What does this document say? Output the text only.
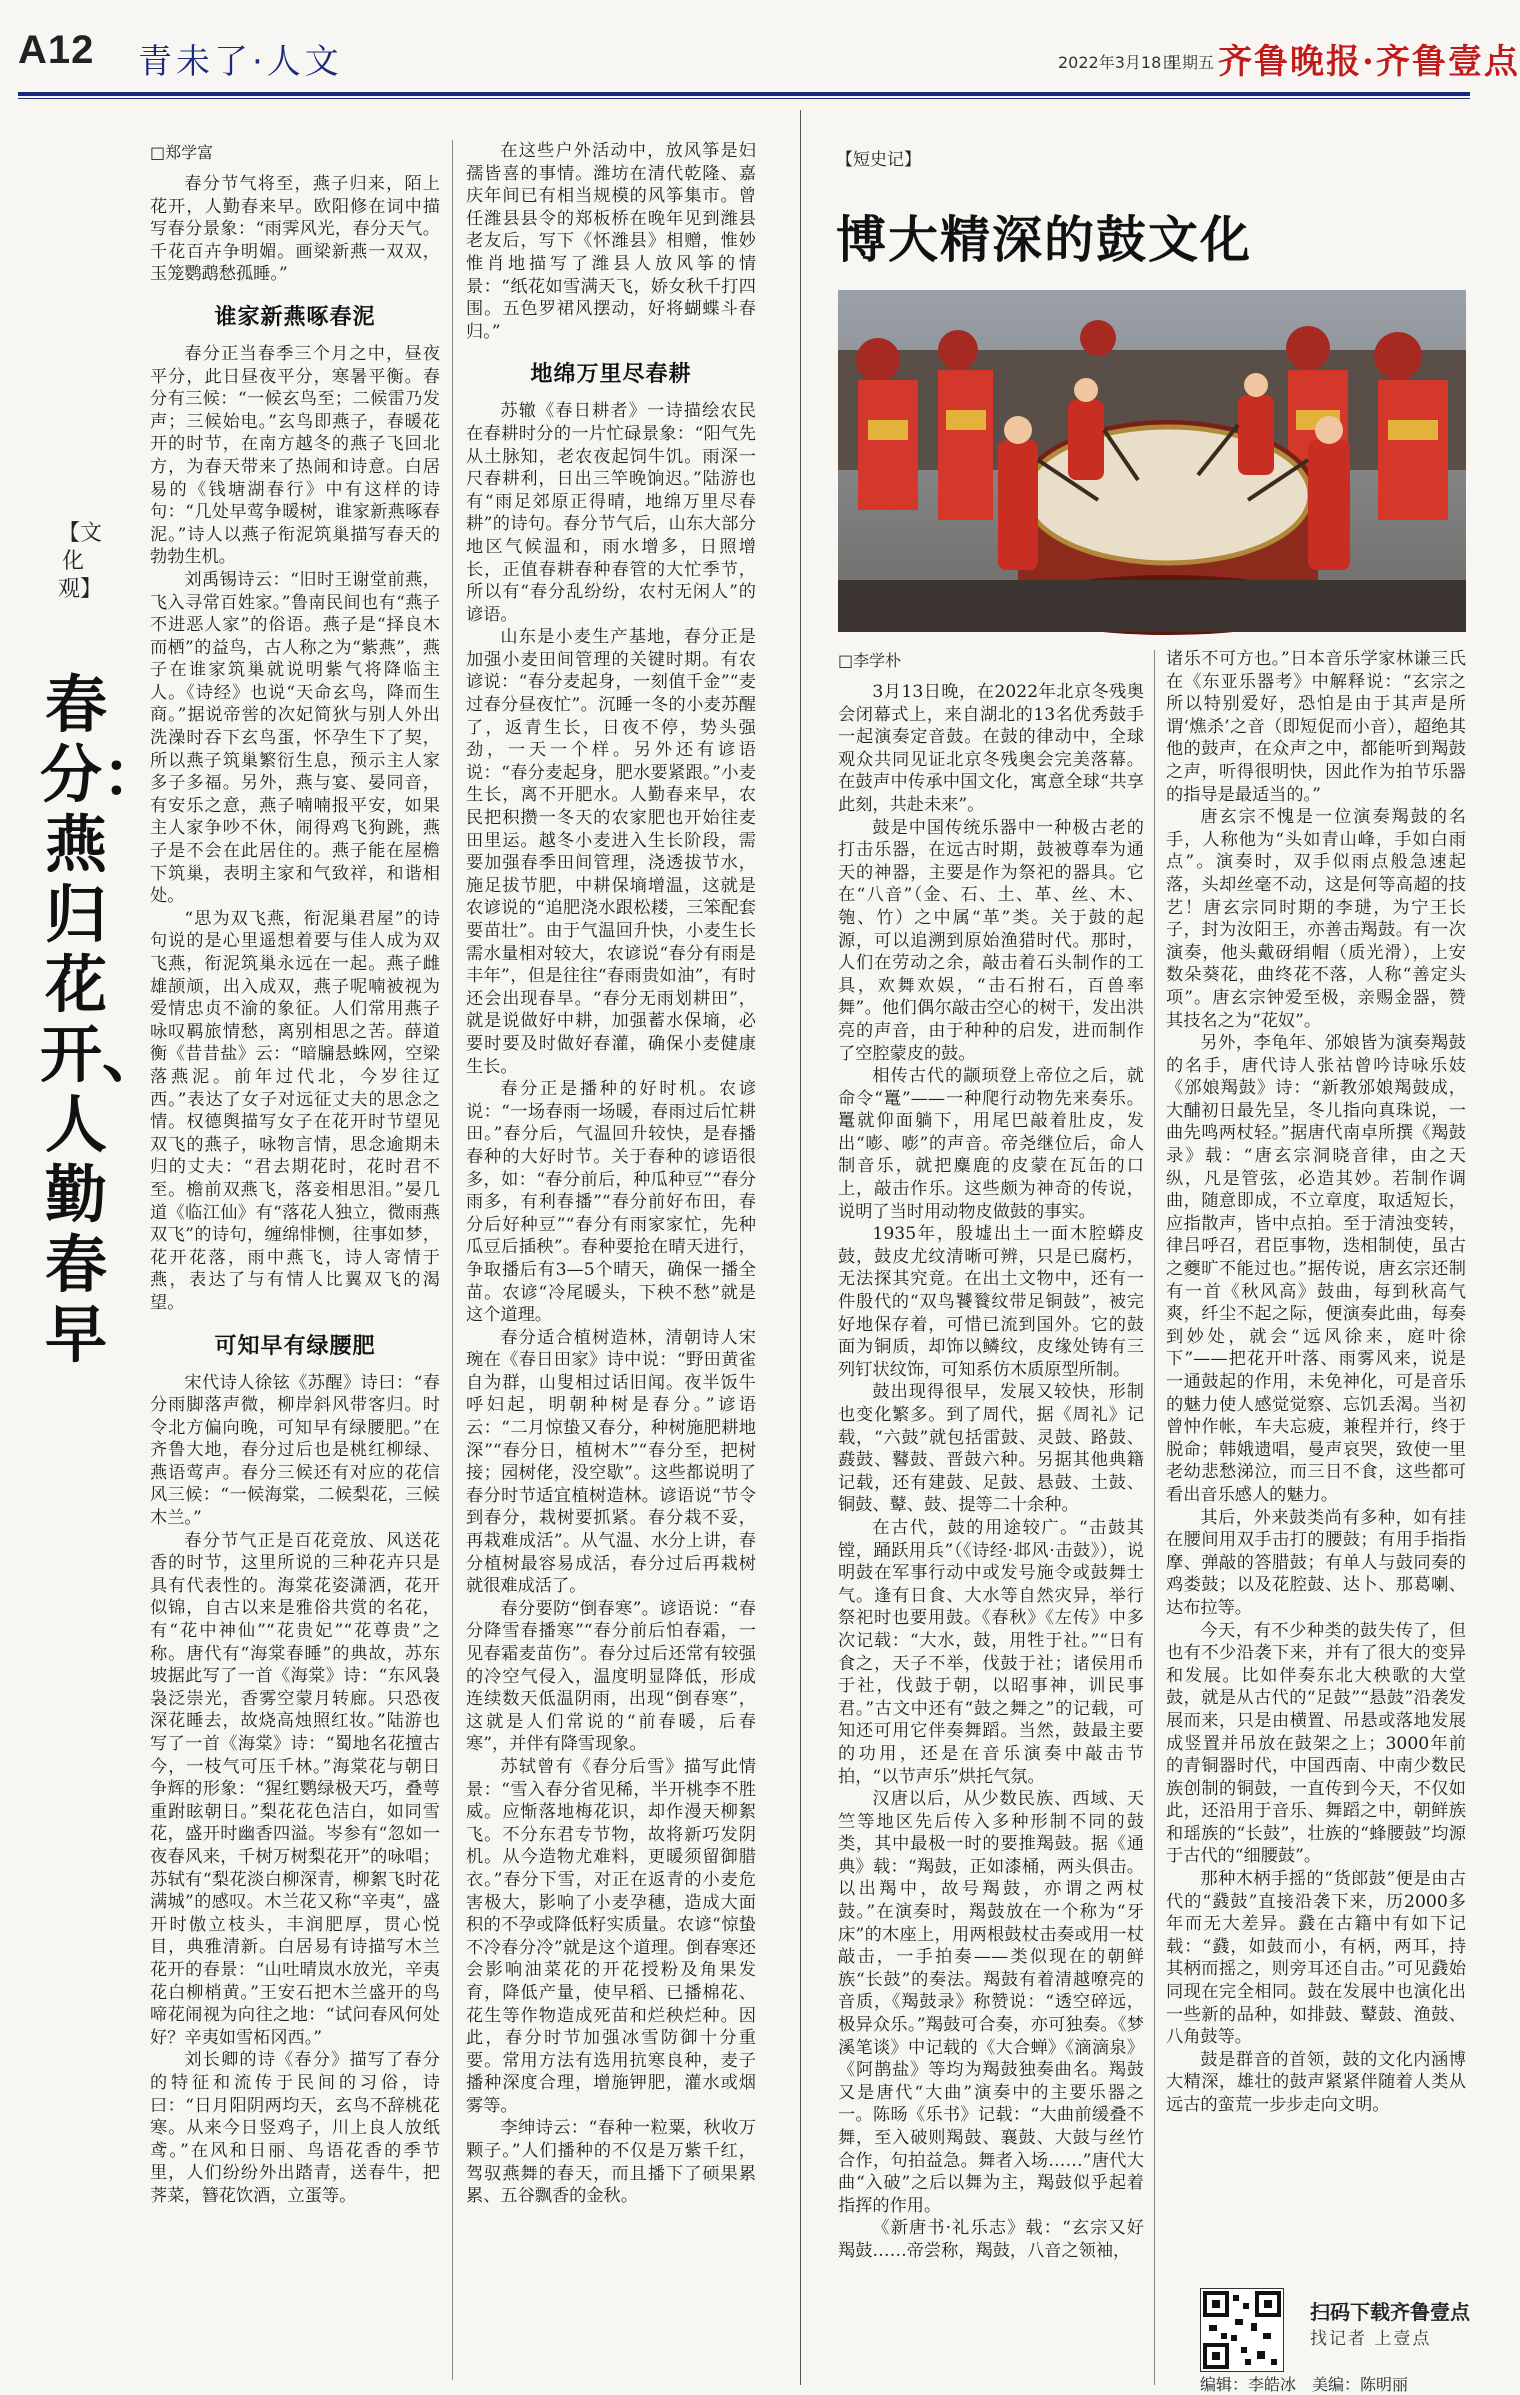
A12 青未了·人文	2022年3月18日
星期五 齐鲁晚报·齐鲁壹点
【文化观】
春分：燕归花开、人勤春早

□郑学富

春分节气将至，燕子归来，陌上花开，人勤春来早。欧阳修在词中描写春分景象：“雨霁风光，春分天气。千花百卉争明媚。画梁新燕一双双，玉笼鹦鹉愁孤睡。”

谁家新燕啄春泥

春分正当春季三个月之中，昼夜平分，此日昼夜平分，寒暑平衡。春分有三候：“一候玄鸟至；二候雷乃发声；三候始电。”玄鸟即燕子，春暖花开的时节，在南方越冬的燕子飞回北方，为春天带来了热闹和诗意。白居易的《钱塘湖春行》中有这样的诗句：“几处早莺争暖树，谁家新燕啄春泥。”诗人以燕子衔泥筑巢描写春天的勃勃生机。

刘禹锡诗云：“旧时王谢堂前燕，飞入寻常百姓家。”鲁南民间也有“燕子不进恶人家”的俗语。燕子是“择良木而栖”的益鸟，古人称之为“紫燕”，燕子在谁家筑巢就说明紫气将降临主人。《诗经》也说“天命玄鸟，降而生商。”据说帝喾的次妃简狄与别人外出洗澡时吞下玄鸟蛋，怀孕生下了契，所以燕子筑巢繁衍生息，预示主人家多子多福。另外，燕与宴、晏同音，有安乐之意，燕子喃喃报平安，如果主人家争吵不休，闹得鸡飞狗跳，燕子是不会在此居住的。燕子能在屋檐下筑巢，表明主家和气致祥，和谐相处。

“思为双飞燕，衔泥巢君屋”的诗句说的是心里遥想着要与佳人成为双飞燕，衔泥筑巢永远在一起。燕子雌雄颉颃，出入成双，燕子呢喃被视为爱情忠贞不渝的象征。人们常用燕子咏叹羁旅情愁，离别相思之苦。薛道衡《昔昔盐》云：“暗牖悬蛛网，空梁落燕泥。前年过代北，今岁往辽西。”表达了女子对远征丈夫的思念之情。权德舆描写女子在花开时节望见双飞的燕子，咏物言情，思念逾期未归的丈夫：“君去期花时，花时君不至。檐前双燕飞，落妾相思泪。”晏几道《临江仙》有“落花人独立，微雨燕双飞”的诗句，缠绵悱恻，往事如梦，花开花落，雨中燕飞，诗人寄情于燕，表达了与有情人比翼双飞的渴望。

可知早有绿腰肥

宋代诗人徐铉《苏醒》诗曰：“春分雨脚落声微，柳岸斜风带客归。时令北方偏向晚，可知早有绿腰肥。”在齐鲁大地，春分过后也是桃红柳绿、燕语莺声。春分三候还有对应的花信风三候：“一候海棠，二候梨花，三候木兰。”

春分节气正是百花竞放、风送花香的时节，这里所说的三种花卉只是具有代表性的。海棠花姿潇洒，花开似锦，自古以来是雅俗共赏的名花，有“花中神仙”“花贵妃”“花尊贵”之称。唐代有“海棠春睡”的典故，苏东坡据此写了一首《海棠》诗：“东风袅袅泛崇光，香雾空蒙月转廊。只恐夜深花睡去，故烧高烛照红妆。”陆游也写了一首《海棠》诗：“蜀地名花擅古今，一枝气可压千林。”海棠花与朝日争辉的形象：“猩红鹦绿极天巧，叠萼重跗眩朝日。”梨花花色洁白，如同雪花，盛开时幽香四溢。岑参有“忽如一夜春风来，千树万树梨花开”的咏唱；苏轼有“梨花淡白柳深青，柳絮飞时花满城”的感叹。木兰花又称“辛夷”，盛开时傲立枝头，丰润肥厚，贯心悦目，典雅清新。白居易有诗描写木兰花开的春景：“山吐晴岚水放光，辛夷花白柳梢黄。”王安石把木兰盛开的鸟啼花闹视为向往之地：“试问春风何处好？辛夷如雪柘冈西。”

刘长卿的诗《春分》描写了春分的特征和流传于民间的习俗，诗曰：“日月阳阴两均天，玄鸟不辞桃花寒。从来今日竖鸡子，川上良人放纸鸢。”在风和日丽、鸟语花香的季节里，人们纷纷外出踏青，送春牛，把荠菜，簪花饮酒，立蛋等。

在这些户外活动中，放风筝是妇孺皆喜的事情。潍坊在清代乾隆、嘉庆年间已有相当规模的风筝集市。曾任潍县县令的郑板桥在晚年见到潍县老友后，写下《怀潍县》相赠，惟妙惟肖地描写了潍县人放风筝的情景：“纸花如雪满天飞，娇女秋千打四围。五色罗裙风摆动，好将蝴蝶斗春归。”

地绵万里尽春耕

苏辙《春日耕者》一诗描绘农民在春耕时分的一片忙碌景象：“阳气先从土脉知，老农夜起饲牛饥。雨深一尺春耕利，日出三竿晚饷迟。”陆游也有“雨足郊原正得晴，地绵万里尽春耕”的诗句。春分节气后，山东大部分地区气候温和，雨水增多，日照增长，正值春耕春种春管的大忙季节，所以有“春分乱纷纷，农村无闲人”的谚语。

山东是小麦生产基地，春分正是加强小麦田间管理的关键时期。有农谚说：“春分麦起身，一刻值千金”“麦过春分昼夜忙”。沉睡一冬的小麦苏醒了，返青生长，日夜不停，势头强劲，一天一个样。另外还有谚语说：“春分麦起身，肥水要紧跟。”小麦生长，离不开肥水。人勤春来早，农民把积攒一冬天的农家肥也开始往麦田里运。越冬小麦进入生长阶段，需要加强春季田间管理，浇透拔节水，施足拔节肥，中耕保墒增温，这就是农谚说的“追肥浇水跟松耧，三笨配套要苗壮”。由于气温回升快，小麦生长需水量相对较大，农谚说“春分有雨是丰年”，但是往往“春雨贵如油”，有时还会出现春旱。“春分无雨划耕田”，就是说做好中耕，加强蓄水保墒，必要时要及时做好春灌，确保小麦健康生长。

春分正是播种的好时机。农谚说：“一场春雨一场暖，春雨过后忙耕田。”春分后，气温回升较快，是春播春种的大好时节。关于春种的谚语很多，如：“春分前后，种瓜种豆”“春分雨多，有利春播”“春分前好布田，春分后好种豆”“春分有雨家家忙，先种瓜豆后插秧”。春种要抢在晴天进行，争取播后有3—5个晴天，确保一播全苗。农谚“冷尾暖头，下秧不愁”就是这个道理。

春分适合植树造林，清朝诗人宋琬在《春日田家》诗中说：“野田黄雀自为群，山叟相过话旧闻。夜半饭牛呼妇起，明朝种树是春分。”谚语云：“二月惊蛰又春分，种树施肥耕地深”“春分日，植树木”“春分至，把树接；园树佬，没空歇”。这些都说明了春分时节适宜植树造林。谚语说“节令到春分，栽树要抓紧。春分栽不妥，再栽难成活”。从气温、水分上讲，春分植树最容易成活，春分过后再栽树就很难成活了。

春分要防“倒春寒”。谚语说：“春分降雪春播寒”“春分前后怕春霜，一见春霜麦苗伤”。春分过后还常有较强的冷空气侵入，温度明显降低，形成连续数天低温阴雨，出现“倒春寒”，这就是人们常说的“前春暖，后春寒”，并伴有降雪现象。

苏轼曾有《春分后雪》描写此情景：“雪入春分省见稀，半开桃李不胜威。应惭落地梅花识，却作漫天柳絮飞。不分东君专节物，故将新巧发阴机。从今造物尤难料，更暖须留御腊衣。”春分下雪，对正在返青的小麦危害极大，影响了小麦孕穗，造成大面积的不孕或降低籽实质量。农谚“惊蛰不冷春分冷”就是这个道理。倒春寒还会影响油菜花的开花授粉及角果发育，降低产量，使早稻、已播棉花、花生等作物造成死苗和烂秧烂种。因此，春分时节加强冰雪防御十分重要。常用方法有选用抗寒良种，麦子播种深度合理，增施钾肥，灌水或烟雾等。

李绅诗云：“春种一粒粟，秋收万颗子。”人们播种的不仅是万紫千红，驾驭燕舞的春天，而且播下了硕果累累、五谷飘香的金秋。

【短史记】
博大精深的鼓文化

□李学朴

3月13日晚，在2022年北京冬残奥会闭幕式上，来自湖北的13名优秀鼓手一起演奏定音鼓。在鼓的律动中，全球观众共同见证北京冬残奥会完美落幕。在鼓声中传承中国文化，寓意全球“共享此刻，共赴未来”。

鼓是中国传统乐器中一种极古老的打击乐器，在远古时期，鼓被尊奉为通天的神器，主要是作为祭祀的器具。它在“八音”（金、石、土、革、丝、木、匏、竹）之中属“革”类。关于鼓的起源，可以追溯到原始渔猎时代。那时，人们在劳动之余，敲击着石头制作的工具，欢舞欢娱，“击石拊石，百兽率舞”。他们偶尔敲击空心的树干，发出洪亮的声音，由于种种的启发，进而制作了空腔蒙皮的鼓。

相传古代的颛顼登上帝位之后，就命令“鼍”——一种爬行动物先来奏乐。鼍就仰面躺下，用尾巴敲着肚皮，发出“嘭、嘭”的声音。帝尧继位后，命人制音乐，就把麋鹿的皮蒙在瓦缶的口上，敲击作乐。这些颇为神奇的传说，说明了当时用动物皮做鼓的事实。

1935年，殷墟出土一面木腔蟒皮鼓，鼓皮尤纹清晰可辨，只是已腐朽，无法探其究竟。在出土文物中，还有一件殷代的“双鸟饕餮纹带足铜鼓”，被完好地保存着，可惜已流到国外。它的鼓面为铜质，却饰以鳞纹，皮缘处铸有三列钉状纹饰，可知系仿木质原型所制。

鼓出现得很早，发展又较快，形制也变化繁多。到了周代，据《周礼》记载，“六鼓”就包括雷鼓、灵鼓、路鼓、鼖鼓、鼛鼓、晋鼓六种。另据其他典籍记载，还有建鼓、足鼓、悬鼓、土鼓、铜鼓、鼙、鼓、提等二十余种。

在古代，鼓的用途较广。“击鼓其镗，踊跃用兵”（《诗经·邶风·击鼓》），说明鼓在军事行动中或发号施令或鼓舞士气。逢有日食、大水等自然灾异，举行祭祀时也要用鼓。《春秋》《左传》中多次记载：“大水，鼓，用牲于社。”“日有食之，天子不举，伐鼓于社；诸侯用币于社，伐鼓于朝，以昭事神，训民事君。”古文中还有“鼓之舞之”的记载，可知还可用它伴奏舞蹈。当然，鼓最主要的功用，还是在音乐演奏中敲击节拍，“以节声乐”烘托气氛。

汉唐以后，从少数民族、西域、天竺等地区先后传入多种形制不同的鼓类，其中最极一时的要推羯鼓。据《通典》载：“羯鼓，正如漆桶，两头俱击。以出羯中，故号羯鼓，亦谓之两杖鼓。”在演奏时，羯鼓放在一个称为“牙床”的木座上，用两根鼓杖击奏或用一杖敲击，一手拍奏——类似现在的朝鲜族“长鼓”的奏法。羯鼓有着清越嘹亮的音质，《羯鼓录》称赞说：“透空碎远，极异众乐。”羯鼓可合奏，亦可独奏。《梦溪笔谈》中记载的《大合蝉》《滴滴泉》《阿鹊盐》等均为羯鼓独奏曲名。羯鼓又是唐代“大曲”演奏中的主要乐器之一。陈旸《乐书》记载：“大曲前缓叠不舞，至入破则羯鼓、襄鼓、大鼓与丝竹合作，句拍益急。舞者入场……”唐代大曲“入破”之后以舞为主，羯鼓似乎起着指挥的作用。

《新唐书·礼乐志》载：“玄宗又好羯鼓……帝尝称，羯鼓，八音之领袖，

诸乐不可方也。”日本音乐学家林谦三氏在《东亚乐器考》中解释说：“玄宗之所以特别爱好，恐怕是由于其声是所谓‘燋杀’之音（即短促而小音），超绝其他的鼓声，在众声之中，都能听到羯鼓之声，听得很明快，因此作为拍节乐器的指导是最适当的。”

唐玄宗不愧是一位演奏羯鼓的名手，人称他为“头如青山峰，手如白雨点”。演奏时，双手似雨点般急速起落，头却丝毫不动，这是何等高超的技艺！唐玄宗同时期的李琎，为宁王长子，封为汝阳王，亦善击羯鼓。有一次演奏，他头戴砑绢帽（质光滑），上安数朵葵花，曲终花不落，人称“善定头项”。唐玄宗钟爱至极，亲赐金器，赞其技名之为“花奴”。

另外，李龟年、邠娘皆为演奏羯鼓的名手，唐代诗人张祜曾吟诗咏乐妓《邠娘羯鼓》诗：“新教邠娘羯鼓成，大酺初日最先呈，冬儿指向真珠说，一曲先鸣两杖轻。”据唐代南卓所撰《羯鼓录》载：“唐玄宗洞晓音律，由之天纵，凡是管弦，必造其妙。若制作调曲，随意即成，不立章度，取适短长，应指散声，皆中点拍。至于清浊变转，律吕呼召，君臣事物，迭相制使，虽古之夔旷不能过也。”据传说，唐玄宗还制有一首《秋风高》鼓曲，每到秋高气爽，纤尘不起之际，便演奏此曲，每奏到妙处，就会“远风徐来，庭叶徐下”——把花开叶落、雨雾风来，说是一通鼓起的作用，未免神化，可是音乐的魅力使人感觉觉察、忘饥丢渴。当初曾忡作帐，车夫忘疲，兼程并行，终于脱命；韩娥遗唱，曼声哀哭，致使一里老幼悲愁涕泣，而三日不食，这些都可看出音乐感人的魅力。

其后，外来鼓类尚有多种，如有挂在腰间用双手击打的腰鼓；有用手指指摩、弹敲的答腊鼓；有单人与鼓同奏的鸡娄鼓；以及花腔鼓、达卜、那葛喇、达布拉等。

今天，有不少种类的鼓失传了，但也有不少沿袭下来，并有了很大的变异和发展。比如伴奏东北大秧歌的大堂鼓，就是从古代的“足鼓”“悬鼓”沿袭发展而来，只是由横置、吊悬或落地发展成竖置并吊放在鼓架之上；3000年前的青铜器时代，中国西南、中南少数民族创制的铜鼓，一直传到今天，不仅如此，还沿用于音乐、舞蹈之中，朝鲜族和瑶族的“长鼓”，壮族的“蜂腰鼓”均源于古代的“细腰鼓”。

那种木柄手摇的“货郎鼓”便是由古代的“鼗鼓”直接沿袭下来，历2000多年而无大差异。鼗在古籍中有如下记载：“鼗，如鼓而小，有柄，两耳，持其柄而摇之，则旁耳还自击。”可见鼗始同现在完全相同。鼓在发展中也演化出一些新的品种，如排鼓、鼙鼓、渔鼓、八角鼓等。

鼓是群音的首领，鼓的文化内涵博大精深，雄壮的鼓声紧紧伴随着人类从远古的蛮荒一步步走向文明。

扫码下载齐鲁壹点
找记者 上壹点
编辑：李皓冰　美编：陈明丽
